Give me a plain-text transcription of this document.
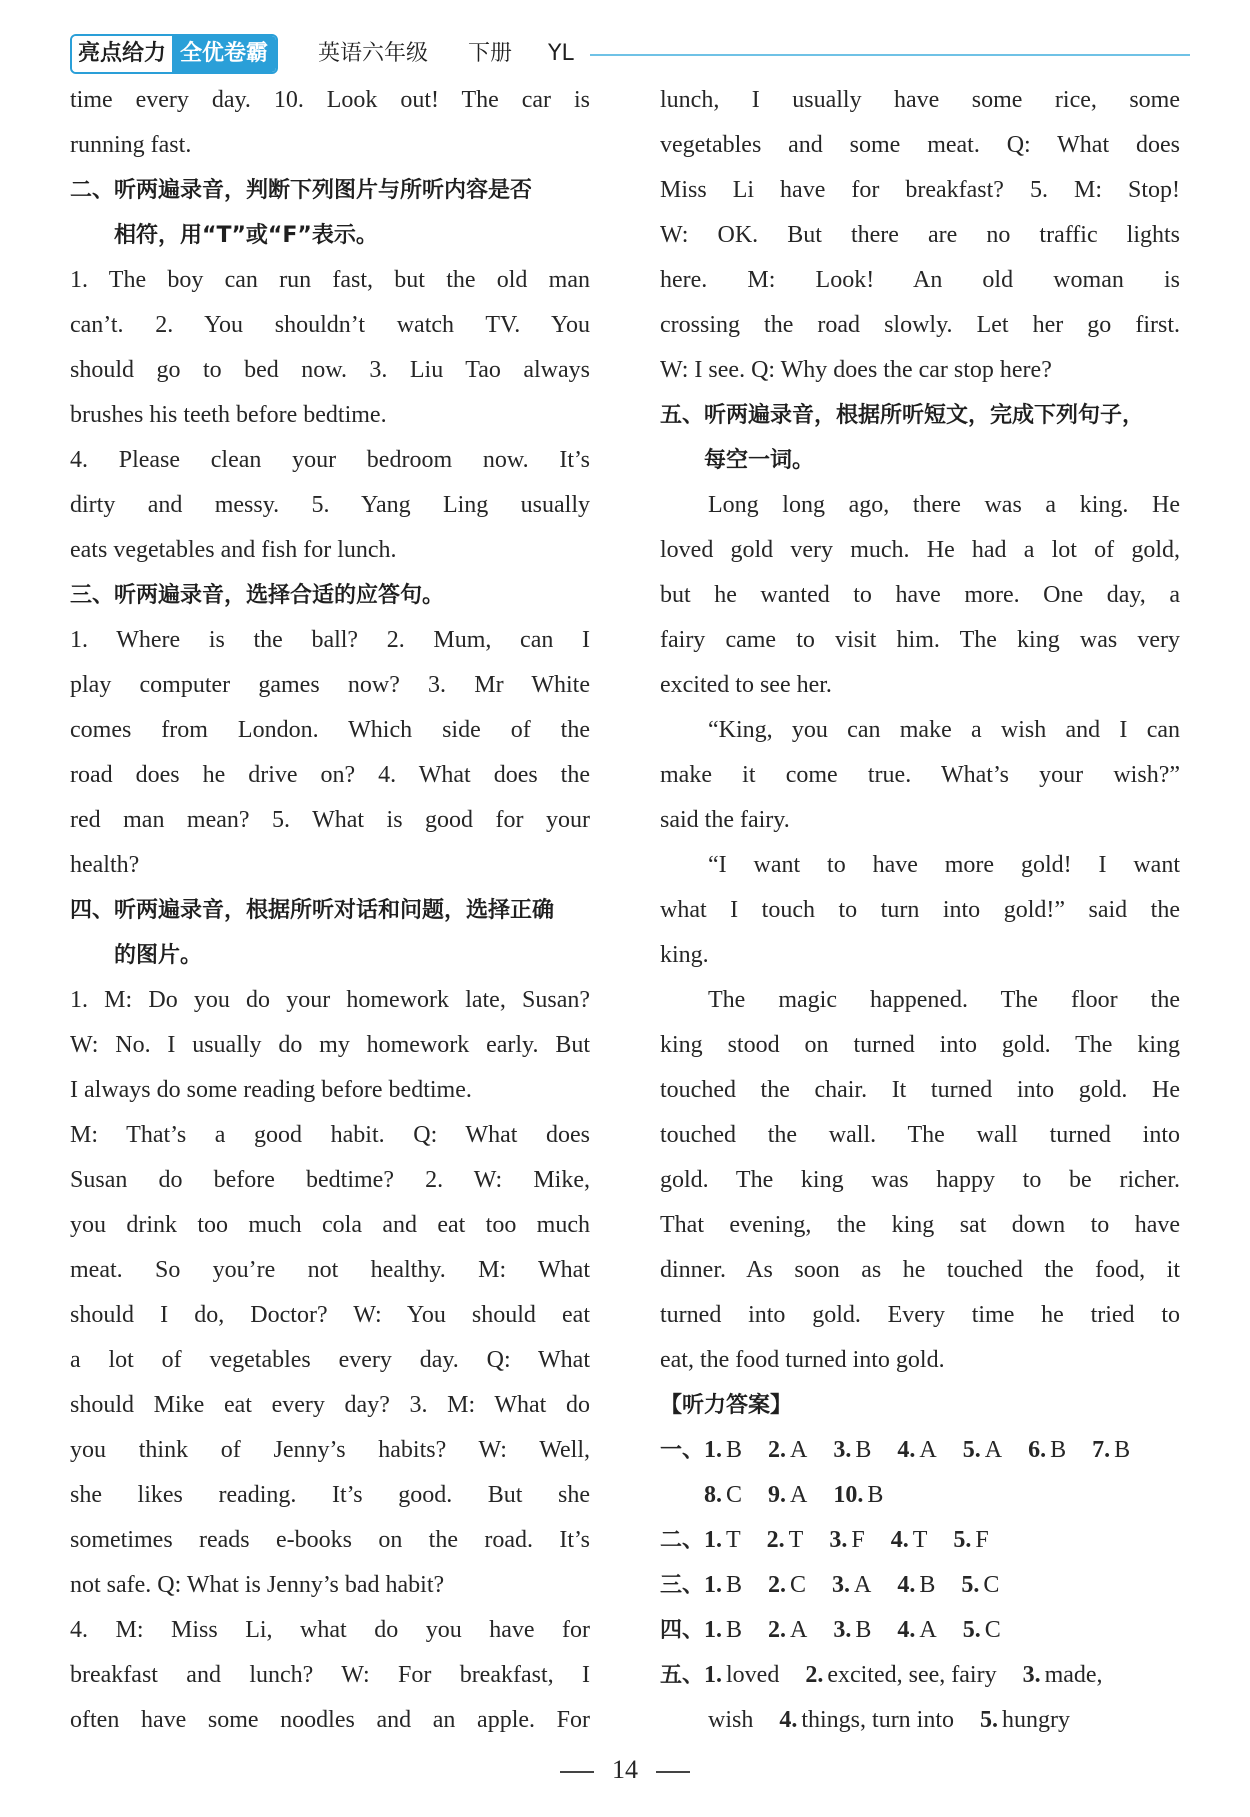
亮点给力 全优卷霸	英语六年级 下册 YL
time every day. 10. Look out! The car is
running fast.
二、听两遍录音，判断下列图片与所听内容是否
相符，用“T”或“F”表示。
1. The boy can run fast, but the old man
can’t. 2. You shouldn’t watch TV. You
should go to bed now. 3. Liu Tao always
brushes his teeth before bedtime.
4. Please clean your bedroom now. It’s
dirty and messy. 5. Yang Ling usually
eats vegetables and fish for lunch.
三、听两遍录音，选择合适的应答句。
1. Where is the ball? 2. Mum, can I
play computer games now? 3. Mr White
comes from London. Which side of the
road does he drive on? 4. What does the
red man mean? 5. What is good for your
health?
四、听两遍录音，根据所听对话和问题，选择正确
的图片。
1. M: Do you do your homework late, Susan?
W: No. I usually do my homework early. But
I always do some reading before bedtime.
M: That’s a good habit. Q: What does
Susan do before bedtime? 2. W: Mike,
you drink too much cola and eat too much
meat. So you’re not healthy. M: What
should I do, Doctor? W: You should eat
a lot of vegetables every day. Q: What
should Mike eat every day? 3. M: What do
you think of Jenny’s habits? W: Well,
she likes reading. It’s good. But she
sometimes reads e-books on the road. It’s
not safe. Q: What is Jenny’s bad habit?
4. M: Miss Li, what do you have for
breakfast and lunch? W: For breakfast, I
often have some noodles and an apple. For
lunch, I usually have some rice, some
vegetables and some meat. Q: What does
Miss Li have for breakfast? 5. M: Stop!
W: OK. But there are no traffic lights
here. M: Look! An old woman is
crossing the road slowly. Let her go first.
W: I see. Q: Why does the car stop here?
五、听两遍录音，根据所听短文，完成下列句子，
每空一词。
Long long ago, there was a king. He
loved gold very much. He had a lot of gold,
but he wanted to have more. One day, a
fairy came to visit him. The king was very
excited to see her.
“King, you can make a wish and I can
make it come true. What’s your wish?”
said the fairy.
“I want to have more gold! I want
what I touch to turn into gold!” said the
king.
The magic happened. The floor the
king stood on turned into gold. The king
touched the chair. It turned into gold. He
touched the wall. The wall turned into
gold. The king was happy to be richer.
That evening, the king sat down to have
dinner. As soon as he touched the food, it
turned into gold. Every time he tried to
eat, the food turned into gold.
【听力答案】
一、 1. B 2. A 3. B 4. A 5. A 6. B 7. B
8. C 9. A 10. B
二、 1. T 2. T 3. F 4. T 5. F
三、 1. B 2. C 3. A 4. B 5. C
四、 1. B 2. A 3. B 4. A 5. C
五、 1. loved 2. excited, see, fairy 3. made,
wish 4. things, turn into 5. hungry
14
